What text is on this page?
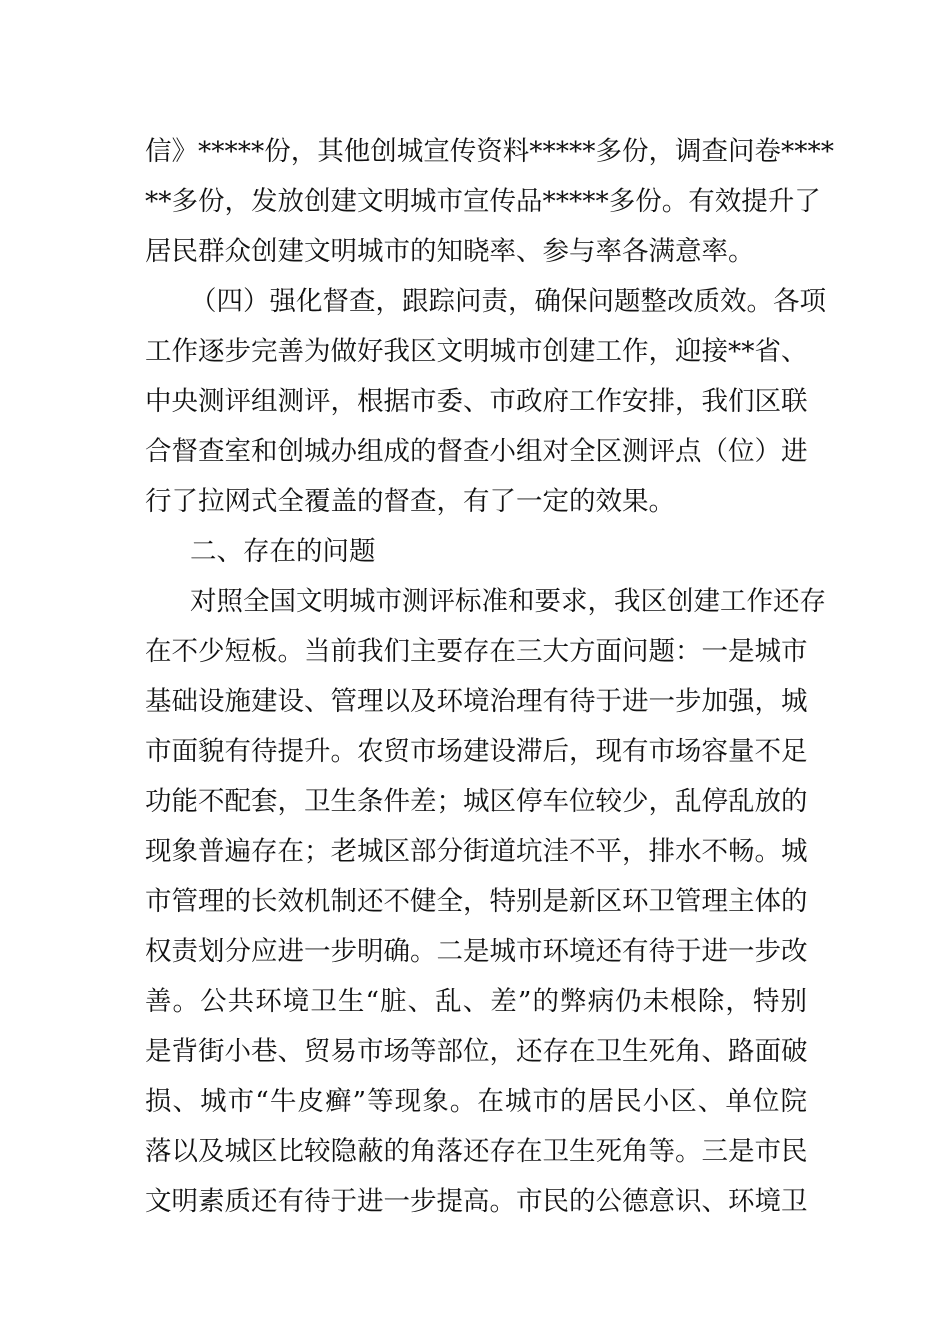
信》*****份，其他创城宣传资料*****多份，调查问卷****
**多份，发放创建文明城市宣传品*****多份。有效提升了
居民群众创建文明城市的知晓率、参与率各满意率。
（四）强化督查，跟踪问责，确保问题整改质效。各项
工作逐步完善为做好我区文明城市创建工作，迎接**省、
中央测评组测评，根据市委、市政府工作安排，我们区联
合督查室和创城办组成的督查小组对全区测评点（位）进
行了拉网式全覆盖的督查，有了一定的效果。
二、存在的问题
对照全国文明城市测评标准和要求，我区创建工作还存
在不少短板。当前我们主要存在三大方面问题：一是城市
基础设施建设、管理以及环境治理有待于进一步加强，城
市面貌有待提升。农贸市场建设滞后，现有市场容量不足
功能不配套，卫生条件差；城区停车位较少，乱停乱放的
现象普遍存在；老城区部分街道坑洼不平，排水不畅。城
市管理的长效机制还不健全，特别是新区环卫管理主体的
权责划分应进一步明确。二是城市环境还有待于进一步改
善。公共环境卫生“脏、乱、差”的弊病仍未根除，特别
是背街小巷、贸易市场等部位，还存在卫生死角、路面破
损、城市“牛皮癣”等现象。在城市的居民小区、单位院
落以及城区比较隐蔽的角落还存在卫生死角等。三是市民
文明素质还有待于进一步提高。市民的公德意识、环境卫
